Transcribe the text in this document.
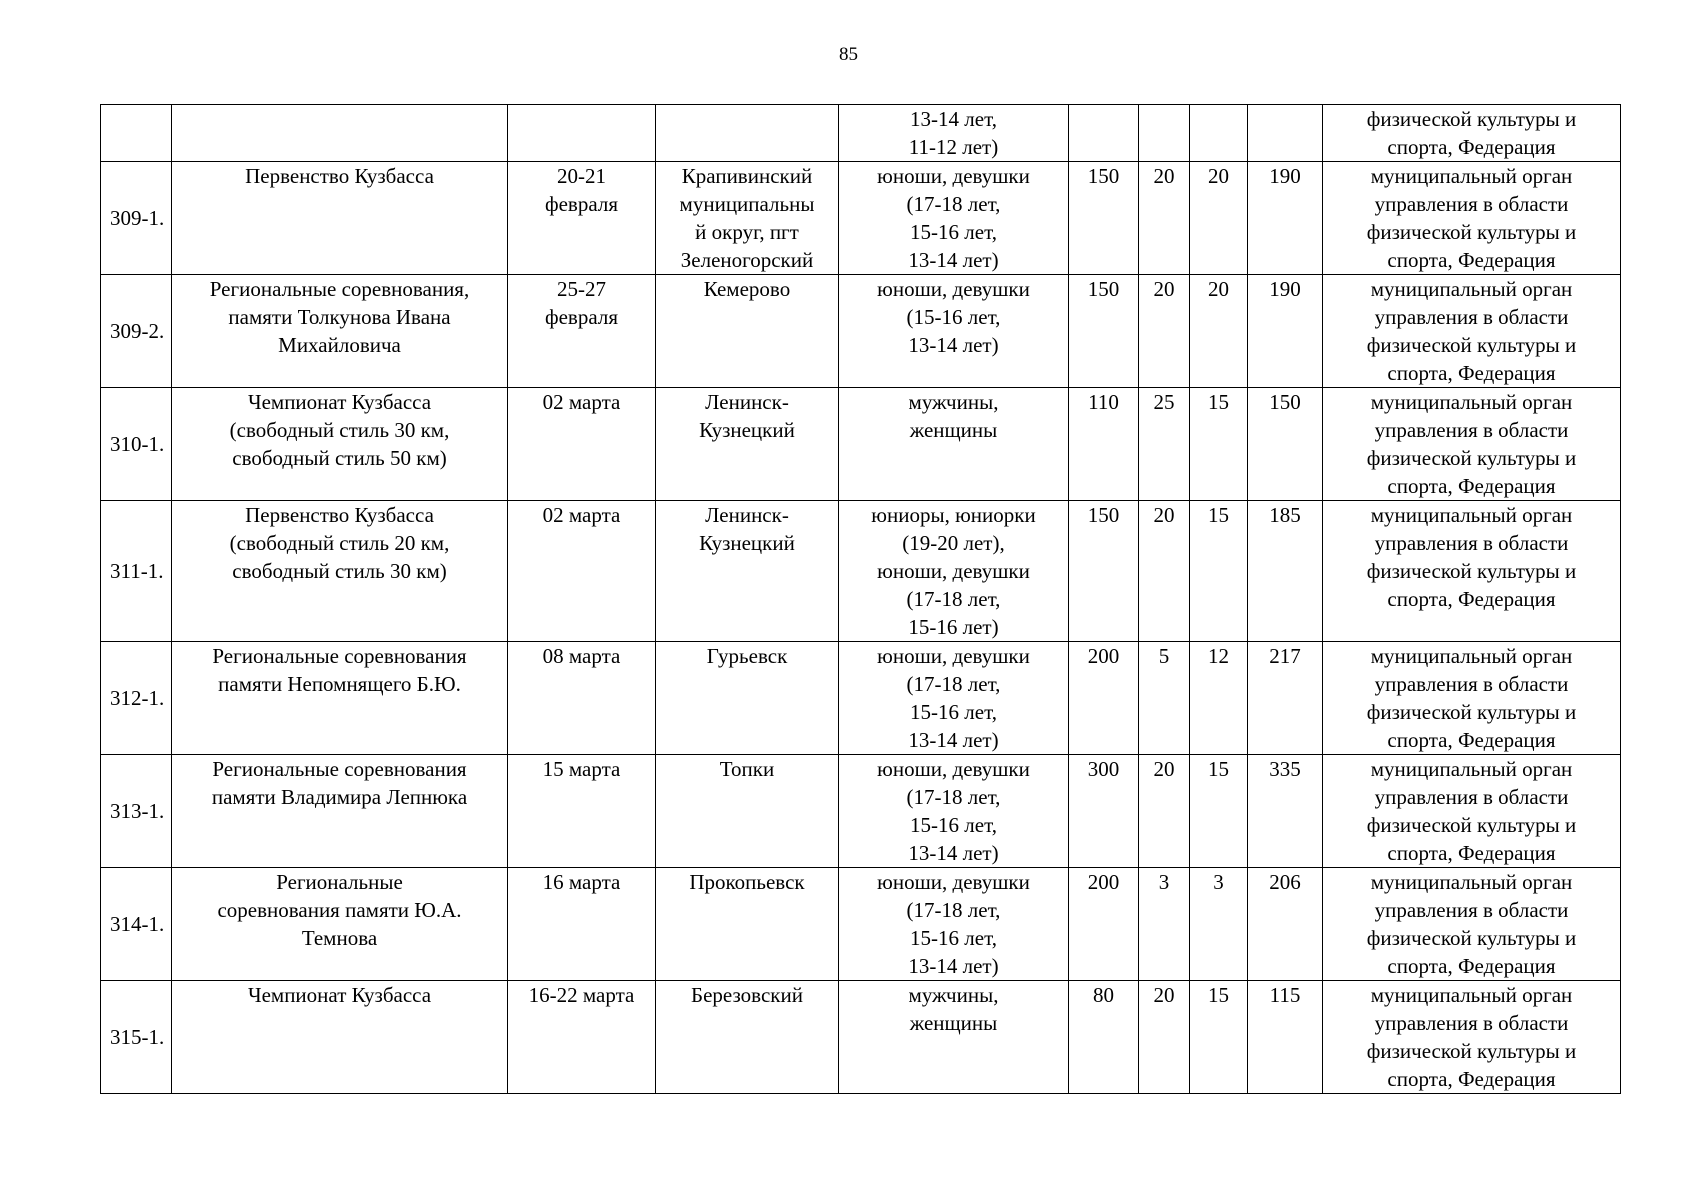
85
				13-14 лет,
11-12 лет)					физической культуры и
спорта, Федерация
309-1.	Первенство Кузбасса	20-21
февраля	Крапивинский
муниципальны
й округ, пгт
Зеленогорский	юноши, девушки
(17-18 лет,
15-16 лет,
13-14 лет)	150	20	20	190	муниципальный орган
управления в области
физической культуры и
спорта, Федерация
309-2.	Региональные соревнования,
памяти Толкунова Ивана
Михайловича	25-27
февраля	Кемерово	юноши, девушки
(15-16 лет,
13-14 лет)	150	20	20	190	муниципальный орган
управления в области
физической культуры и
спорта, Федерация
310-1.	Чемпионат Кузбасса
(свободный стиль 30 км,
свободный стиль 50 км)	02 марта	Ленинск-
Кузнецкий	мужчины,
женщины	110	25	15	150	муниципальный орган
управления в области
физической культуры и
спорта, Федерация
311-1.	Первенство Кузбасса
(свободный стиль 20 км,
свободный стиль 30 км)	02 марта	Ленинск-
Кузнецкий	юниоры, юниорки
(19-20 лет),
юноши, девушки
(17-18 лет,
15-16 лет)	150	20	15	185	муниципальный орган
управления в области
физической культуры и
спорта, Федерация
312-1.	Региональные соревнования
памяти Непомнящего Б.Ю.	08 марта	Гурьевск	юноши, девушки
(17-18 лет,
15-16 лет,
13-14 лет)	200	5	12	217	муниципальный орган
управления в области
физической культуры и
спорта, Федерация
313-1.	Региональные соревнования
памяти Владимира Лепнюка	15 марта	Топки	юноши, девушки
(17-18 лет,
15-16 лет,
13-14 лет)	300	20	15	335	муниципальный орган
управления в области
физической культуры и
спорта, Федерация
314-1.	Региональные
соревнования памяти Ю.А.
Темнова	16 марта	Прокопьевск	юноши, девушки
(17-18 лет,
15-16 лет,
13-14 лет)	200	3	3	206	муниципальный орган
управления в области
физической культуры и
спорта, Федерация
315-1.	Чемпионат Кузбасса	16-22 марта	Березовский	мужчины,
женщины	80	20	15	115	муниципальный орган
управления в области
физической культуры и
спорта, Федерация
